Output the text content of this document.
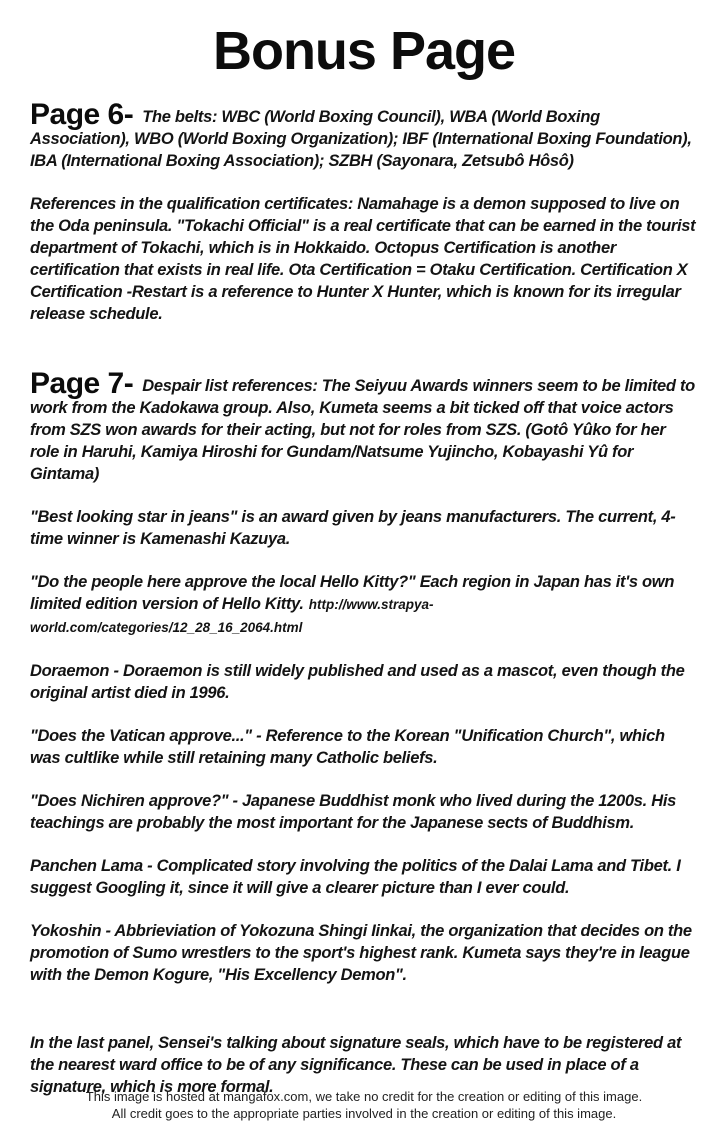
Bonus Page

Page 6- The belts: WBC (World Boxing Council), WBA (World Boxing Association), WBO (World Boxing Organization); IBF (International Boxing Foundation), IBA (International Boxing Association); SZBH (Sayonara, Zetsubô Hôsô)

References in the qualification certificates: Namahage is a demon supposed to live on the Oda peninsula. "Tokachi Official" is a real certificate that can be earned in the tourist department of Tokachi, which is in Hokkaido. Octopus Certification is another certification that exists in real life. Ota Certification = Otaku Certification. Certification X Certification -Restart is a reference to Hunter X Hunter, which is known for its irregular release schedule.

Page 7- Despair list references: The Seiyuu Awards winners seem to be limited to work from the Kadokawa group. Also, Kumeta seems a bit ticked off that voice actors from SZS won awards for their acting, but not for roles from SZS. (Gotô Yûko for her role in Haruhi, Kamiya Hiroshi for Gundam/Natsume Yujincho, Kobayashi Yû for Gintama)

"Best looking star in jeans" is an award given by jeans manufacturers. The current, 4-time winner is Kamenashi Kazuya.

"Do the people here approve the local Hello Kitty?" Each region in Japan has it's own limited edition version of Hello Kitty. http://www.strapya-world.com/categories/12_28_16_2064.html

Doraemon - Doraemon is still widely published and used as a mascot, even though the original artist died in 1996.

"Does the Vatican approve..." - Reference to the Korean "Unification Church", which was cultlike while still retaining many Catholic beliefs.

"Does Nichiren approve?" - Japanese Buddhist monk who lived during the 1200s. His teachings are probably the most important for the Japanese sects of Buddhism.

Panchen Lama - Complicated story involving the politics of the Dalai Lama and Tibet. I suggest Googling it, since it will give a clearer picture than I ever could.

Yokoshin - Abbrieviation of Yokozuna Shingi Iinkai, the organization that decides on the promotion of Sumo wrestlers to the sport's highest rank. Kumeta says they're in league with the Demon Kogure, "His Excellency Demon".

In the last panel, Sensei's talking about signature seals, which have to be registered at the nearest ward office to be of any significance. These can be used in place of a signature, which is more formal.

This image is hosted at mangafox.com, we take no credit for the creation or editing of this image.
All credit goes to the appropriate parties involved in the creation or editing of this image.
